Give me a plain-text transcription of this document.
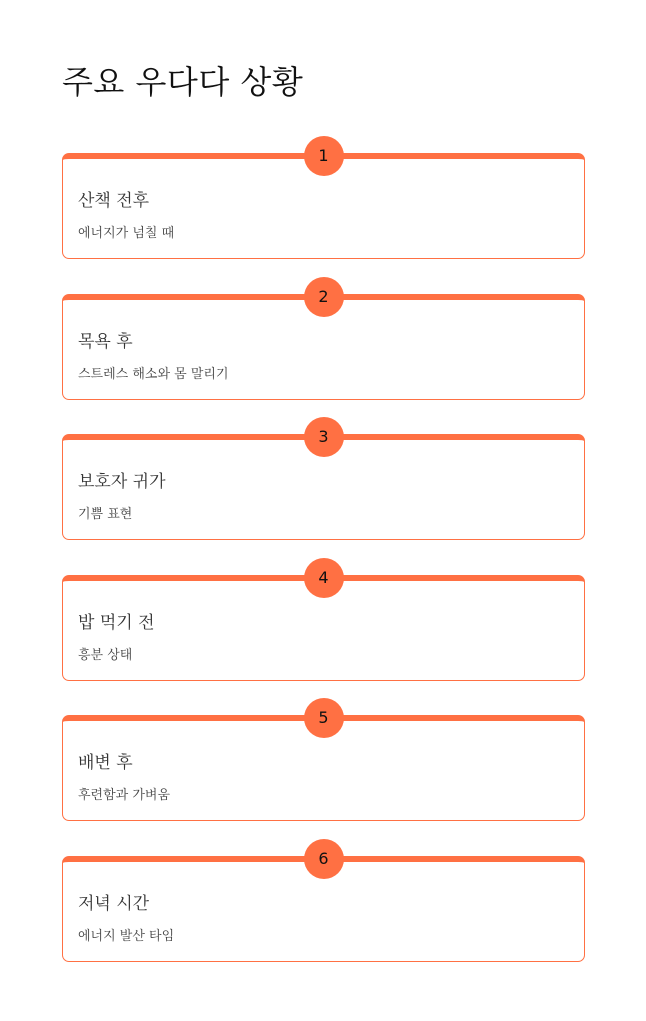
주요 우다다 상황
1
산책 전후

에너지가 넘칠 때

2
목욕 후

스트레스 해소와 몸 말리기

3
보호자 귀가

기쁨 표현

4
밥 먹기 전

흥분 상태

5
배변 후

후련함과 가벼움

6
저녁 시간

에너지 발산 타임
